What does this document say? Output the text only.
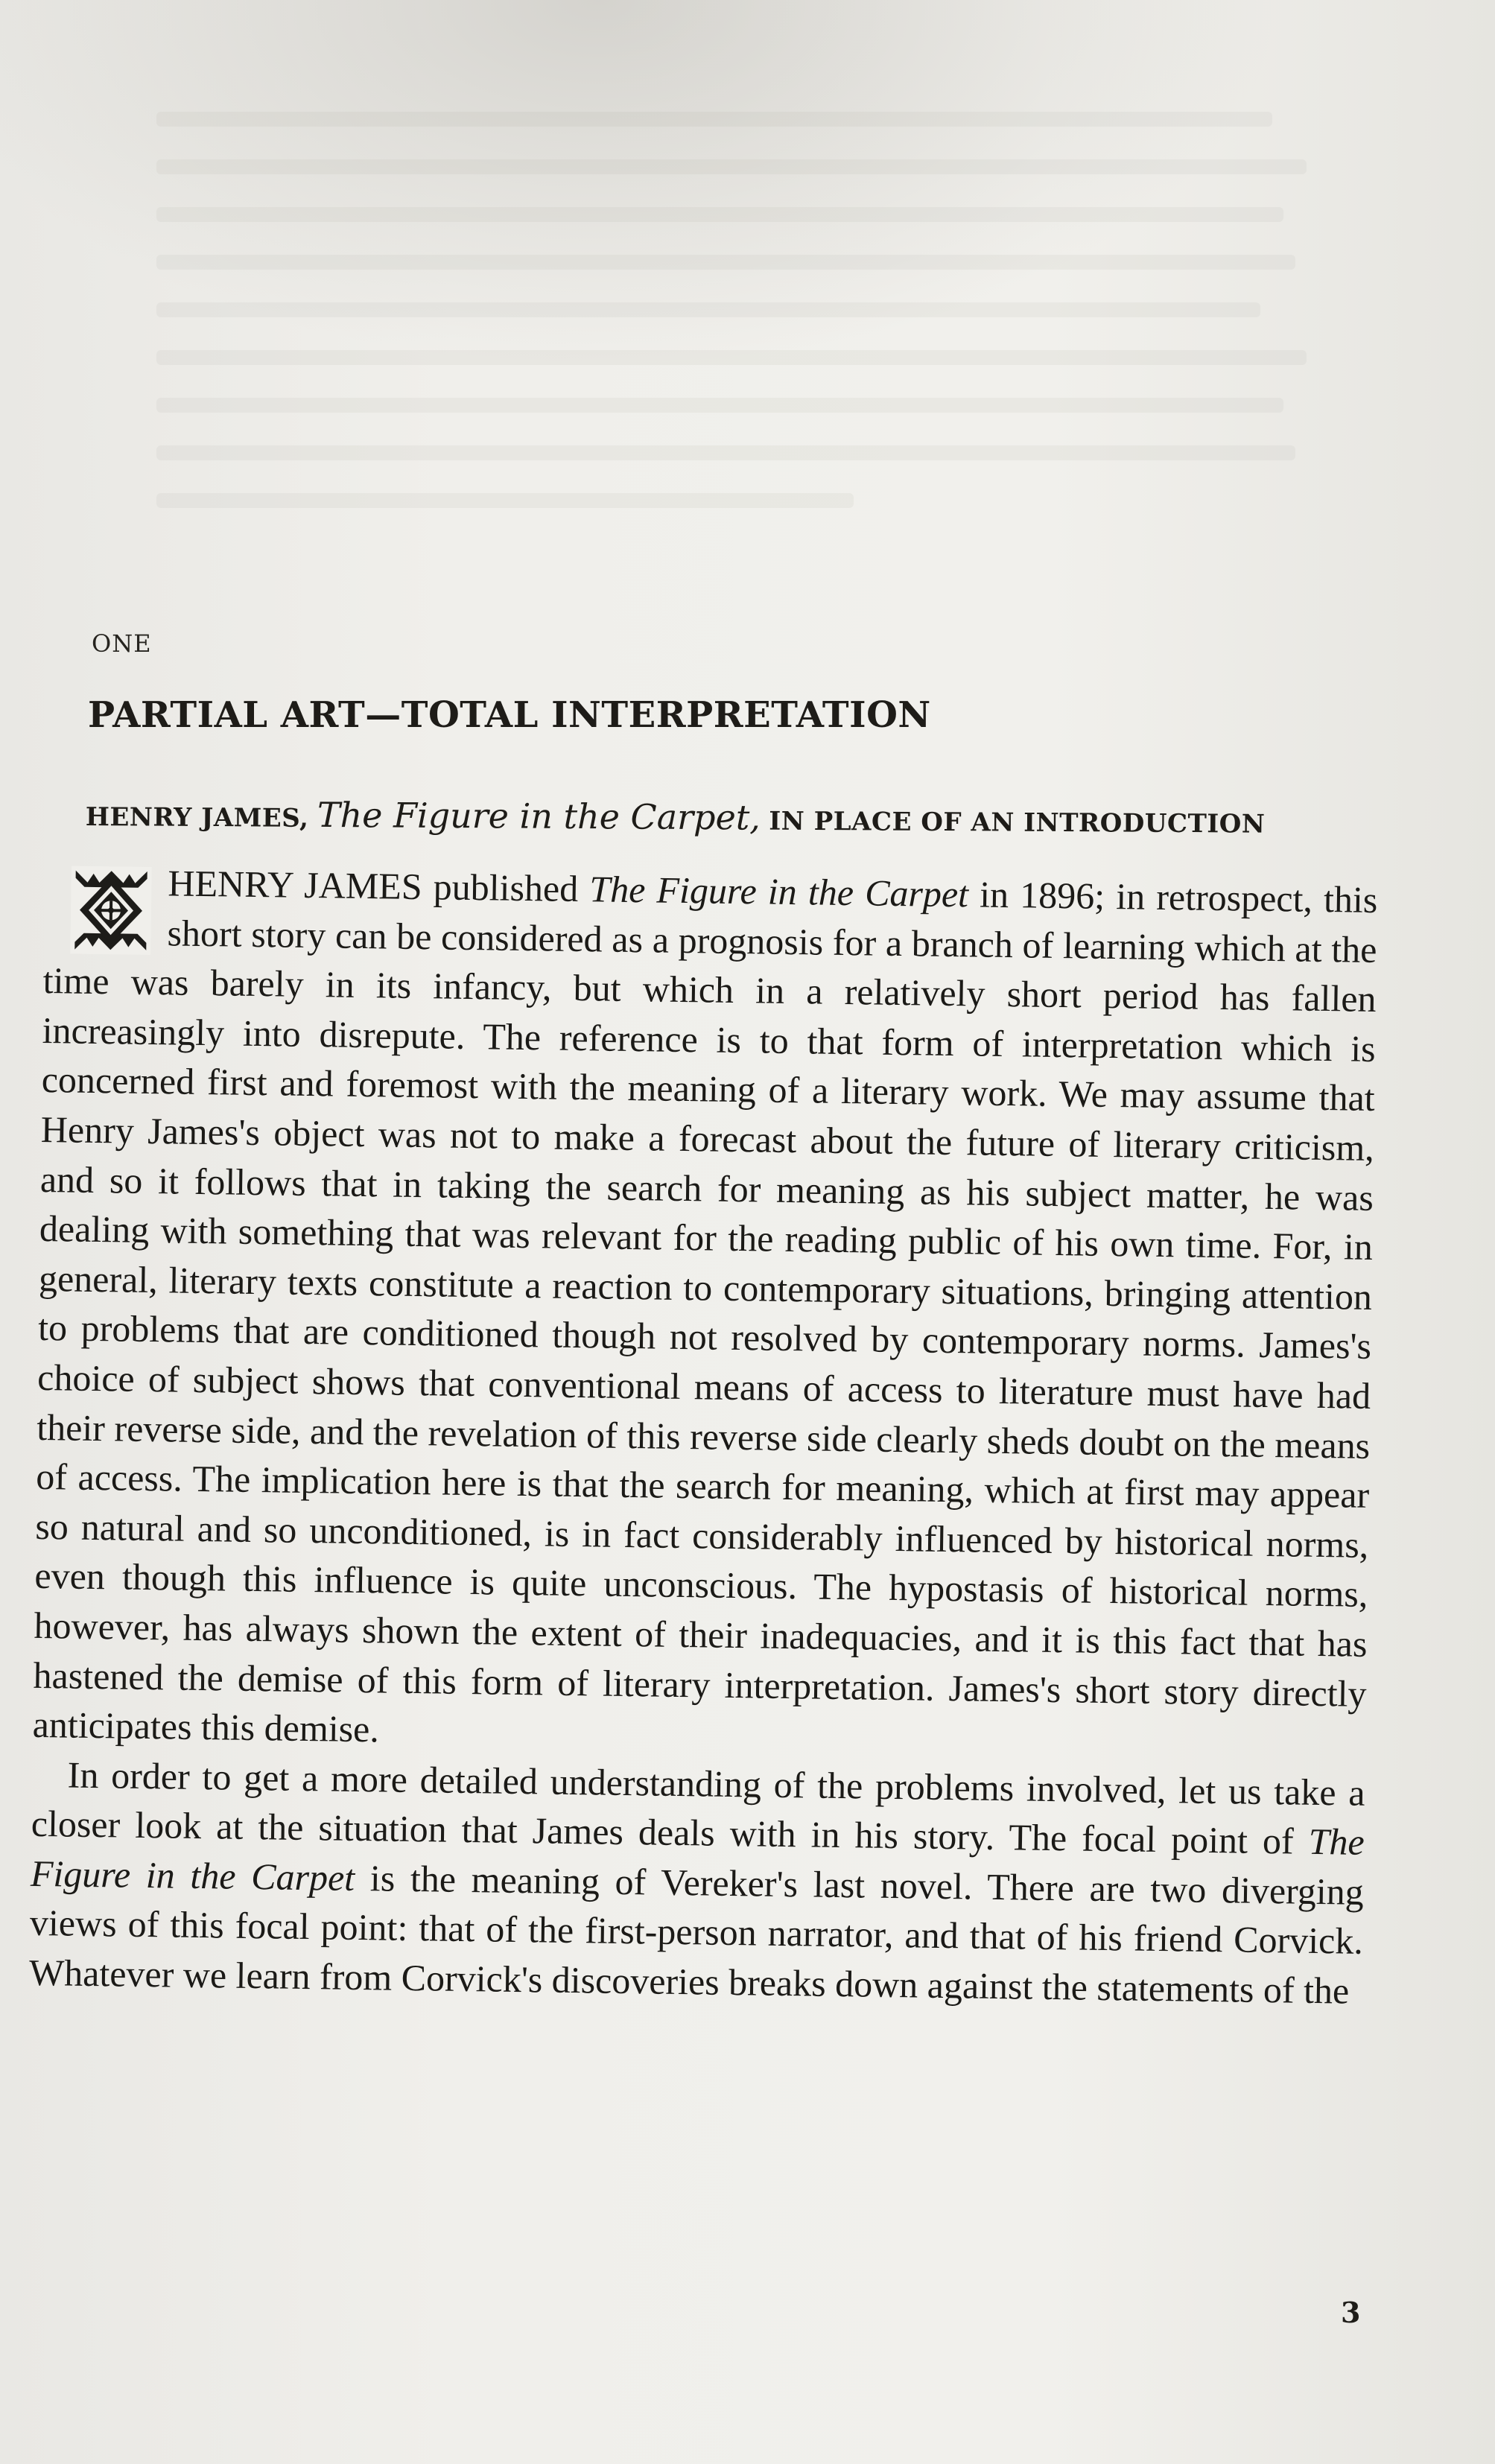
ONE
PARTIAL ART—TOTAL INTERPRETATION
HENRY JAMES, The Figure in the Carpet, IN PLACE OF AN INTRODUCTION

HENRY JAMES published The Figure in the Carpet in 1896; in retrospect, this short story can be considered as a prognosis for a branch of learning which at the time was barely in its infancy, but which in a relatively short period has fallen increasingly into disrepute. The reference is to that form of interpretation which is concerned first and foremost with the meaning of a literary work. We may assume that Henry James's object was not to make a forecast about the future of literary criticism, and so it follows that in taking the search for meaning as his subject matter, he was dealing with something that was relevant for the reading public of his own time. For, in general, literary texts constitute a reaction to contemporary situations, bringing attention to problems that are conditioned though not resolved by contemporary norms. James's choice of subject shows that conventional means of access to literature must have had their reverse side, and the revelation of this reverse side clearly sheds doubt on the means of access. The implication here is that the search for meaning, which at first may appear so natural and so unconditioned, is in fact considerably influenced by historical norms, even though this influence is quite unconscious. The hypostasis of historical norms, however, has always shown the extent of their inadequacies, and it is this fact that has hastened the demise of this form of literary interpretation. James's short story directly anticipates this demise.

In order to get a more detailed understanding of the problems involved, let us take a closer look at the situation that James deals with in his story. The focal point of The Figure in the Carpet is the meaning of Vereker's last novel. There are two diverging views of this focal point: that of the first-person narrator, and that of his friend Corvick. Whatever we learn from Corvick's discoveries breaks down against the statements of the

3
